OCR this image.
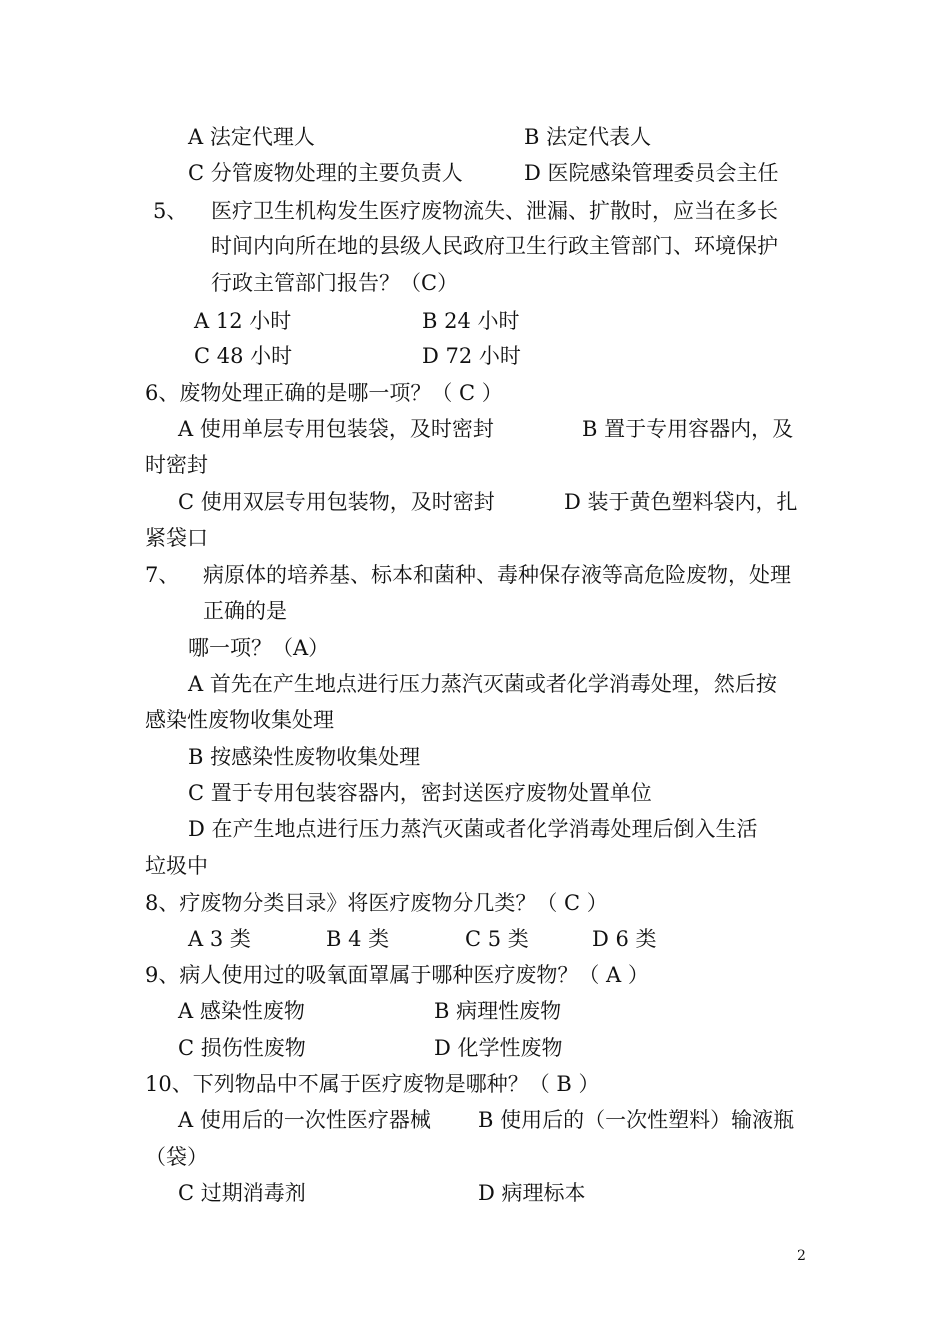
A 法定代理人	B 法定代表人
C 分管废物处理的主要负责人	D 医院感染管理委员会主任
5、 医疗卫生机构发生医疗废物流失、泄漏、扩散时，应当在多长
时间内向所在地的县级人民政府卫生行政主管部门、环境保护
行政主管部门报告？（C）
A 12 小时	B 24 小时
C 48 小时	D 72 小时
6、废物处理正确的是哪一项？（ C ）
A 使用单层专用包装袋，及时密封	B 置于专用容器内，及
时密封
C 使用双层专用包装物，及时密封	D 装于黄色塑料袋内，扎
紧袋口
7、 病原体的培养基、标本和菌种、毒种保存液等高危险废物，处理
正确的是
哪一项？（A）
A 首先在产生地点进行压力蒸汽灭菌或者化学消毒处理，然后按
感染性废物收集处理
B 按感染性废物收集处理
C 置于专用包装容器内，密封送医疗废物处置单位
D 在产生地点进行压力蒸汽灭菌或者化学消毒处理后倒入生活
垃圾中
8、疗废物分类目录》将医疗废物分几类？（ C ）
A 3 类	B 4 类	C 5 类	D 6 类
9、病人使用过的吸氧面罩属于哪种医疗废物？（ A ）
A 感染性废物	B 病理性废物
C 损伤性废物	D 化学性废物
10、下列物品中不属于医疗废物是哪种？（ B ）
A 使用后的一次性医疗器械 B 使用后的（一次性塑料）输液瓶
（袋）
C 过期消毒剂	D 病理标本
2
